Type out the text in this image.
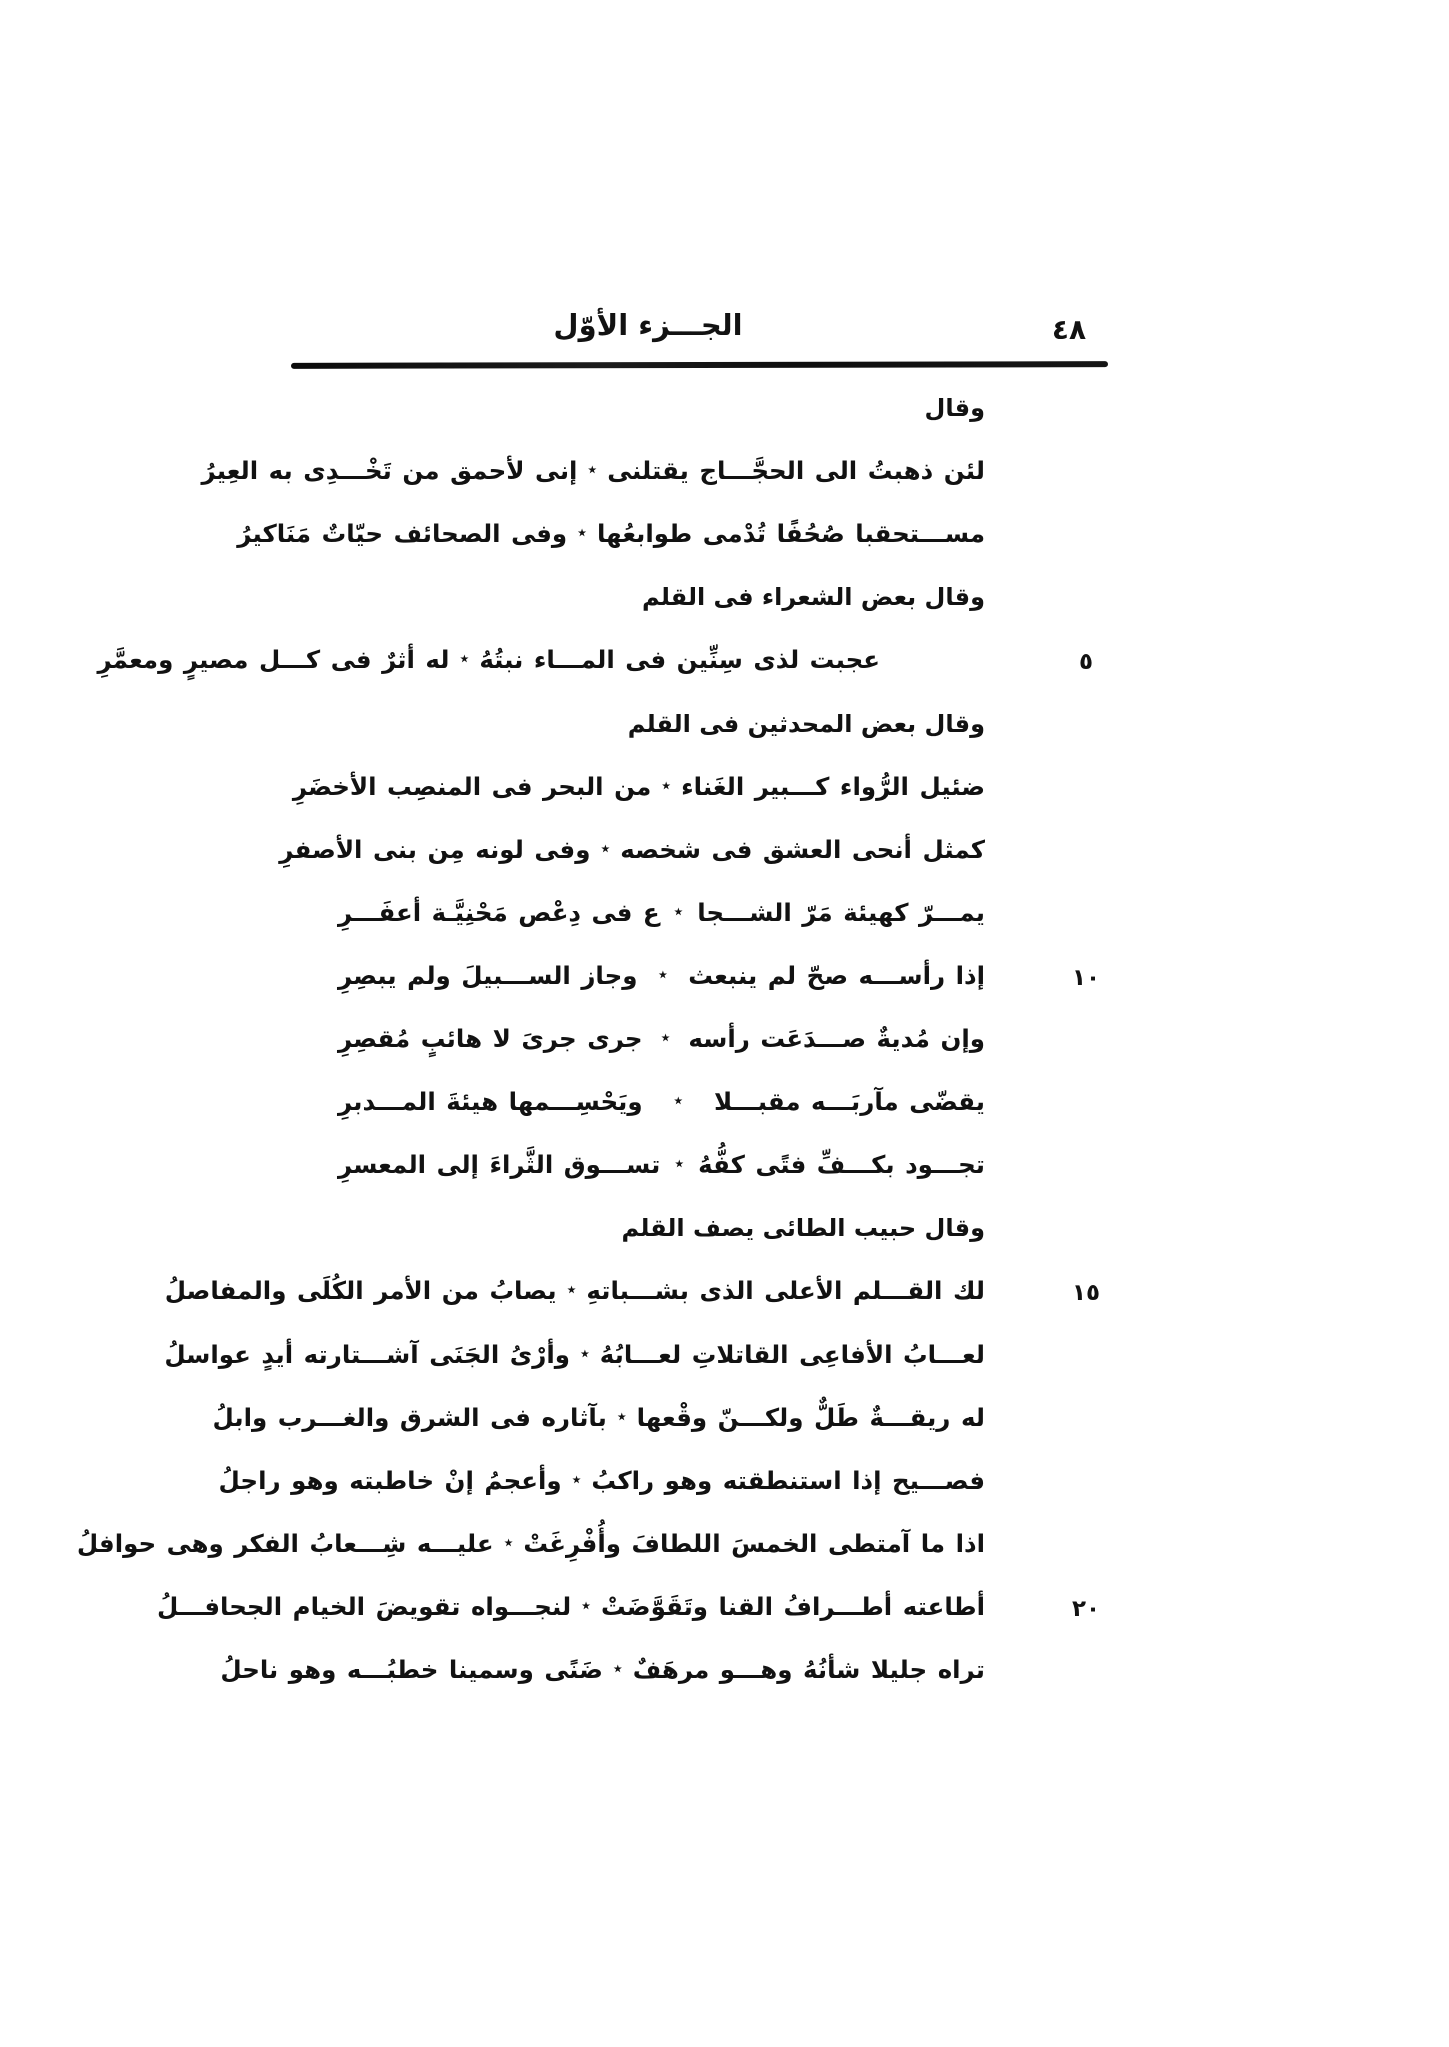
الجـــزء الأوّل	٤٨
وقال
لئن ذهبتُ الى الحجَّـــاج يقتلنى
٭
إنى لأحمق من تَخْـــدِى به العِيرُ
مســـتحقبا صُحُفًا تُدْمى طوابعُها
٭
وفى الصحائف حيّاتٌ مَنَاكيرُ
وقال بعض الشعراء فى القلم
عجبت لذى سِنِّين فى المـــاء نبتُهُ
٭
له أثرٌ فى كـــل مصيرٍ ومعمَّرِ
وقال بعض المحدثين فى القلم
ضئيل الرُّواء كـــبير الغَناء
٭
من البحر فى المنصِب الأخضَرِ
كمثل أنحى العشق فى شخصه
٭
وفى لونه مِن بنى الأصفرِ
يمـــرّ كهيئة مَرّ الشـــجا
٭
ع فى دِعْص مَحْنِيَّـة أعفَـــرِ
إذا رأســـه صحّ لم ينبعث
٭
وجاز الســـبيلَ ولم يبصِرِ
وإن مُديةٌ صـــدَعَت رأسه
٭
جرى جرىَ لا هائبٍ مُقصِرِ
يقضّى مآربَـــه مقبـــلا
٭
ويَحْسِـــمها هيئةَ المـــدبرِ
تجـــود بكـــفِّ فتًى كفُّهُ
٭
تســـوق الثَّراءَ إلى المعسرِ
وقال حبيب الطائى يصف القلم
لك القـــلم الأعلى الذى بشـــباتهِ
٭
يصابُ من الأمر الكُلَى والمفاصلُ
لعـــابُ الأفاعِى القاتلاتِ لعـــابُهُ
٭
وأرْىُ الجَنَى آشـــتارته أيدٍ عواسلُ
له ريقـــةٌ طَلٌّ ولكـــنّ وقْعها
٭
بآثاره فى الشرق والغـــرب وابلُ
فصـــيح إذا استنطقته وهو راكبُ
٭
وأعجمُ إنْ خاطبته وهو راجلُ
اذا ما آمتطى الخمسَ اللطافَ وأُفْرِغَتْ
٭
عليـــه شِـــعابُ الفكر وهى حوافلُ
أطاعته أطـــرافُ القنا وتَقَوَّضَتْ
٭
لنجـــواه تقويضَ الخيام الجحافـــلُ
تراه جليلا شأنُهُ وهـــو مرهَفٌ
٭
ضَنًى وسمينا خطبُـــه وهو ناحلُ
٥
١٠
١٥
٢٠
